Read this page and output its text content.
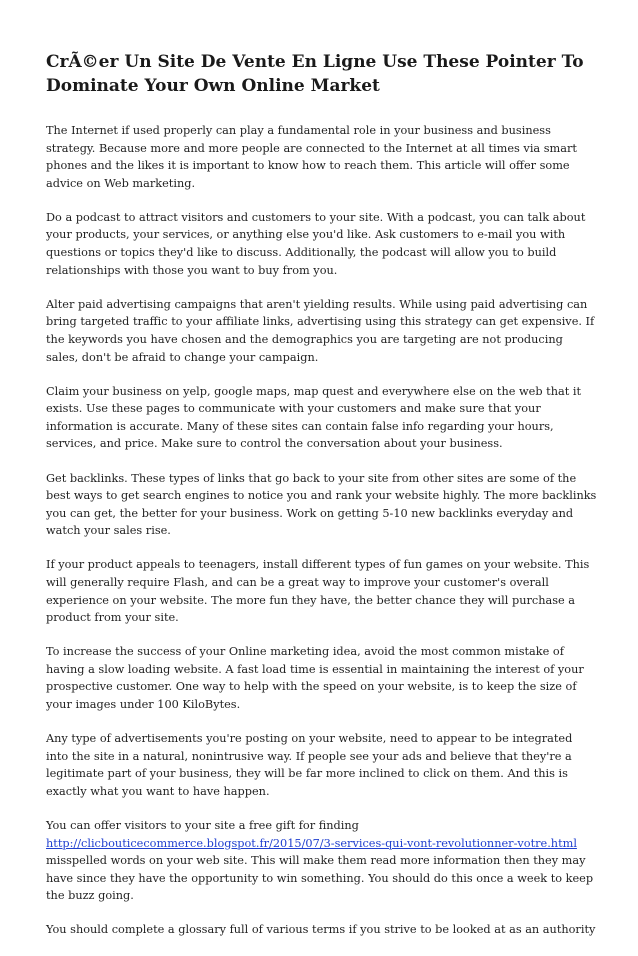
CrÃ©er Un Site De Vente En Ligne Use These Pointer To Dominate Your Own Online Market

The Internet if used properly can play a fundamental role in your business and business strategy. Because more and more people are connected to the Internet at all times via smart phones and the likes it is important to know how to reach them. This article will offer some advice on Web marketing.

Do a podcast to attract visitors and customers to your site. With a podcast, you can talk about your products, your services, or anything else you'd like. Ask customers to e-mail you with questions or topics they'd like to discuss. Additionally, the podcast will allow you to build relationships with those you want to buy from you.

Alter paid advertising campaigns that aren't yielding results. While using paid advertising can bring targeted traffic to your affiliate links, advertising using this strategy can get expensive. If the keywords you have chosen and the demographics you are targeting are not producing sales, don't be afraid to change your campaign.

Claim your business on yelp, google maps, map quest and everywhere else on the web that it exists. Use these pages to communicate with your customers and make sure that your information is accurate. Many of these sites can contain false info regarding your hours, services, and price. Make sure to control the conversation about your business.

Get backlinks. These types of links that go back to your site from other sites are some of the best ways to get search engines to notice you and rank your website highly. The more backlinks you can get, the better for your business. Work on getting 5-10 new backlinks everyday and watch your sales rise.

If your product appeals to teenagers, install different types of fun games on your website. This will generally require Flash, and can be a great way to improve your customer's overall experience on your website. The more fun they have, the better chance they will purchase a product from your site.

To increase the success of your Online marketing idea, avoid the most common mistake of having a slow loading website. A fast load time is essential in maintaining the interest of your prospective customer. One way to help with the speed on your website, is to keep the size of your images under 100 KiloBytes.

Any type of advertisements you're posting on your website, need to appear to be integrated into the site in a natural, nonintrusive way. If people see your ads and believe that they're a legitimate part of your business, they will be far more inclined to click on them. And this is exactly what you want to have happen.

You can offer visitors to your site a free gift for finding
http://clicbouticecommerce.blogspot.fr/2015/07/3-services-qui-vont-revolutionner-votre.html
misspelled words on your web site. This will make them read more information then they may have since they have the opportunity to win something. You should do this once a week to keep the buzz going.

You should complete a glossary full of various terms if you strive to be looked at as an authority
